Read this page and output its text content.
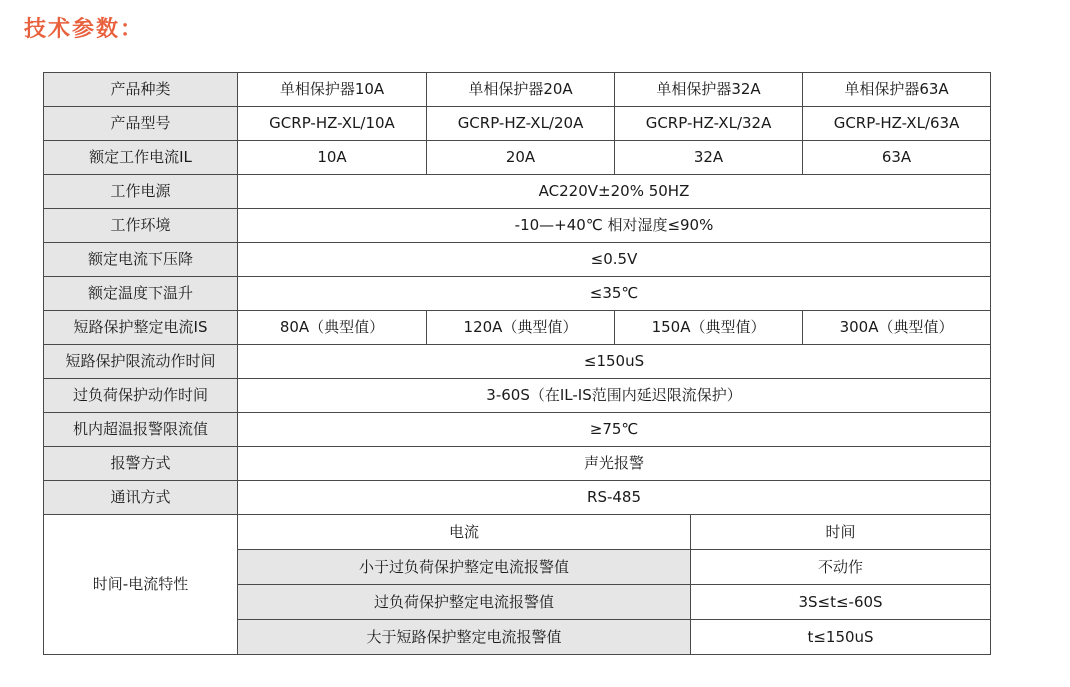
技术参数：
产品种类	单相保护器10A	单相保护器20A	单相保护器32A		单相保护器63A
产品型号	GCRP-HZ-XL/10A	GCRP-HZ-XL/20A	GCRP-HZ-XL/32A		GCRP-HZ-XL/63A
额定工作电流IL	10A	20A	32A		63A
工作电源	AC220V±20% 50HZ				
工作环境	-10—+40℃ 相对湿度≤90%				
额定电流下压降	≤0.5V				
额定温度下温升	≤35℃				
短路保护整定电流IS	80A（典型值）	120A（典型值）	150A（典型值）		300A（典型值）
短路保护限流动作时间	≤150uS				
过负荷保护动作时间	3-60S（在IL-IS范围内延迟限流保护）				
机内超温报警限流值	≥75℃				
报警方式	声光报警				
通讯方式	RS-485				
时间-电流特性	电流			时间	
	小于过负荷保护整定电流报警值			不动作	
	过负荷保护整定电流报警值			3S≤t≤-60S	
	大于短路保护整定电流报警值			t≤150uS	
